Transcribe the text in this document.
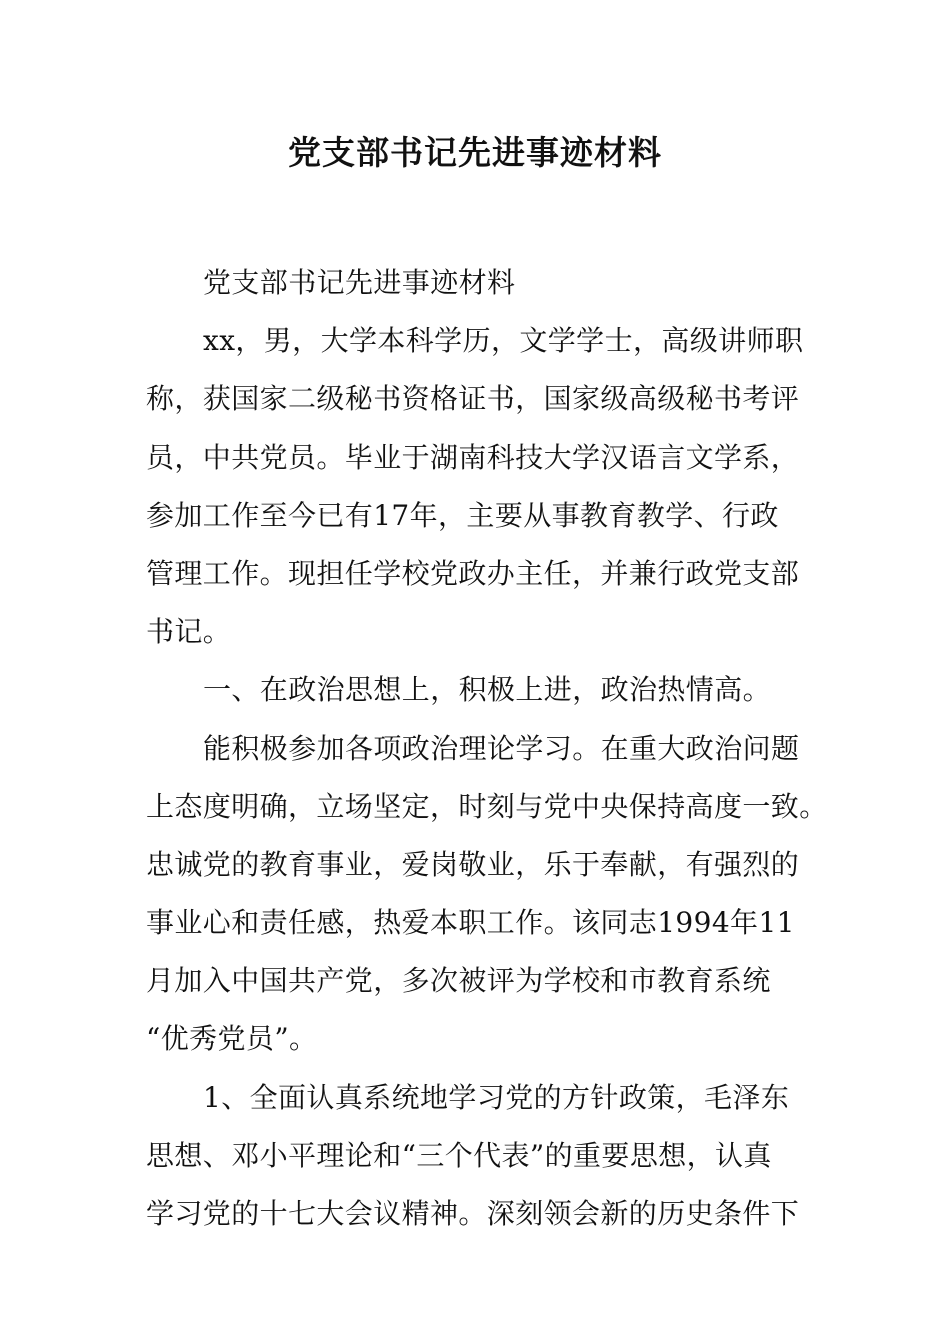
党支部书记先进事迹材料
党支部书记先进事迹材料
xx，男，大学本科学历，文学学士，高级讲师职
称，获国家二级秘书资格证书，国家级高级秘书考评
员，中共党员。毕业于湖南科技大学汉语言文学系，
参加工作至今已有17年，主要从事教育教学、行政
管理工作。现担任学校党政办主任，并兼行政党支部
书记。
一、在政治思想上，积极上进，政治热情高。
能积极参加各项政治理论学习。在重大政治问题
上态度明确，立场坚定，时刻与党中央保持高度一致。
忠诚党的教育事业，爱岗敬业，乐于奉献，有强烈的
事业心和责任感，热爱本职工作。该同志1994年11
月加入中国共产党，多次被评为学校和市教育系统
“优秀党员”。
1、全面认真系统地学习党的方针政策，毛泽东
思想、邓小平理论和“三个代表”的重要思想，认真
学习党的十七大会议精神。深刻领会新的历史条件下
